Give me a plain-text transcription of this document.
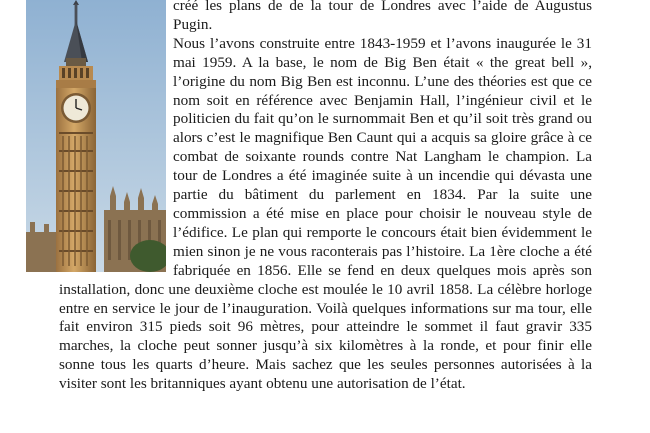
créé les plans de de la tour de Londres avec l’aide de Augustus Pugin.

Nous l’avons construite entre 1843-1959 et l’avons inaugurée le 31 mai 1959. A la base, le nom de Big Ben était « the great bell », l’origine du nom Big Ben est inconnu. L’une des théories est que ce nom soit en référence avec Benjamin Hall, l’ingénieur civil et le politicien du fait qu’on le surnommait Ben et qu’il soit très grand ou alors c’est le magnifique Ben Caunt qui a acquis sa gloire grâce à ce combat de soixante rounds contre Nat Langham le champion. La tour de Londres a été imaginée suite à un incendie qui dévasta une partie du bâtiment du parlement en 1834. Par la suite une commission a été mise en place pour choisir le nouveau style de l’édifice. Le plan qui remporte le concours était bien évidemment le mien sinon je ne vous raconterais pas l’histoire. La 1ère cloche a été fabriquée en 1856. Elle se fend en deux quelques mois après son installation, donc une deuxième cloche est moulée le 10 avril 1858. La célèbre horloge entre en service le jour de l’inauguration. Voilà quelques informations sur ma tour, elle fait environ 315 pieds soit 96 mètres, pour atteindre le sommet il faut gravir 335 marches, la cloche peut sonner jusqu’à six kilomètres à la ronde, et pour finir elle sonne tous les quarts d’heure. Mais sachez que les seules personnes autorisées à la visiter sont les britanniques ayant obtenu une autorisation de l’état.
